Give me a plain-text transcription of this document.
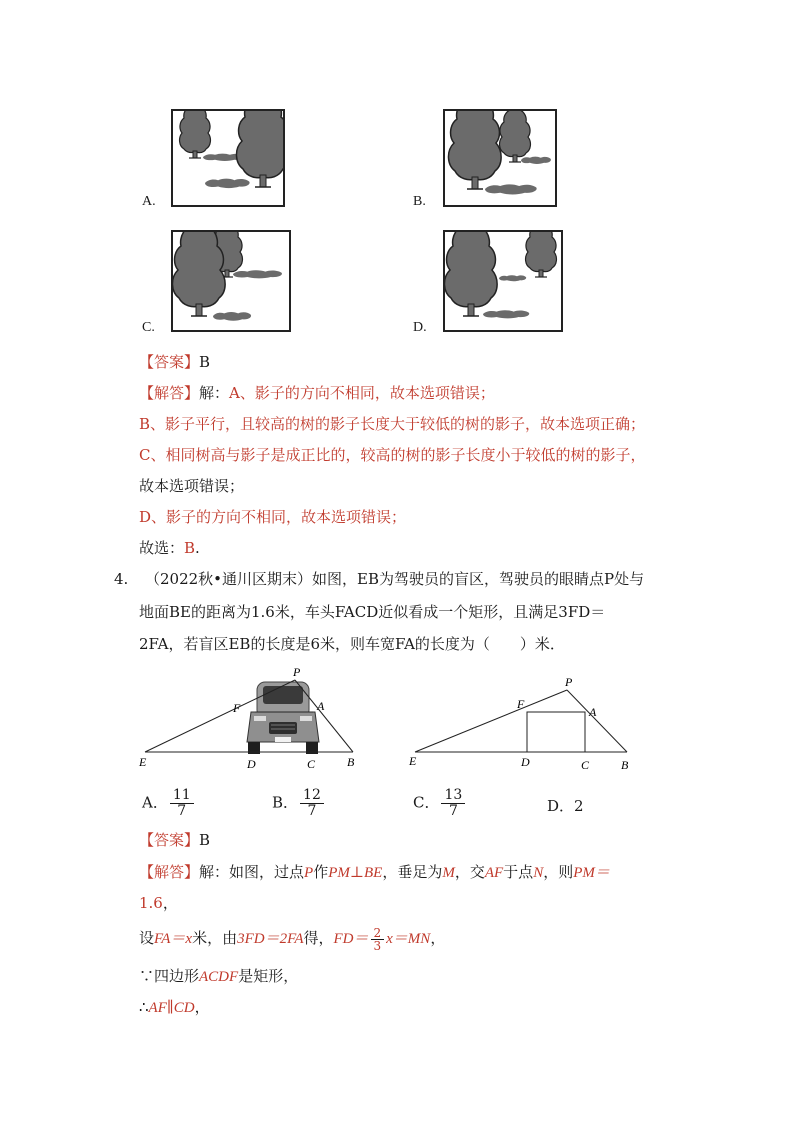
A.	B.
C.	D.
【答案】B
【解答】解：A、影子的方向不相同，故本选项错误；
B、影子平行，且较高的树的影子长度大于较低的树的影子，故本选项正确；
C、相同树高与影子是成正比的，较高的树的影子长度小于较低的树的影子，
故本选项错误；
D、影子的方向不相同，故本选项错误；
故选：B.
4. （2022秋•通川区期末）如图，EB为驾驶员的盲区，驾驶员的眼睛点P处与
地面BE的距离为1.6米，车头FACD近似看成一个矩形，且满足3FD＝
2FA，若盲区EB的长度是6米，则车宽FA的长度为（　　）米．
P
F	A
E	D	C	B
P
F
A
E	D	C	B
A． $\frac{11}{7}$	B． $\frac{12}{7}$	C． $\frac{13}{7}$	D．2
【答案】B
【解答】解：如图，过点P作PM⊥BE，垂足为M，交AF于点N，则PM＝
1.6，
设FA＝x米，由3FD＝2FA得，$FD= \frac{2}{3} x=MN$，
∵四边形ACDF是矩形，
∴AF∥CD，
